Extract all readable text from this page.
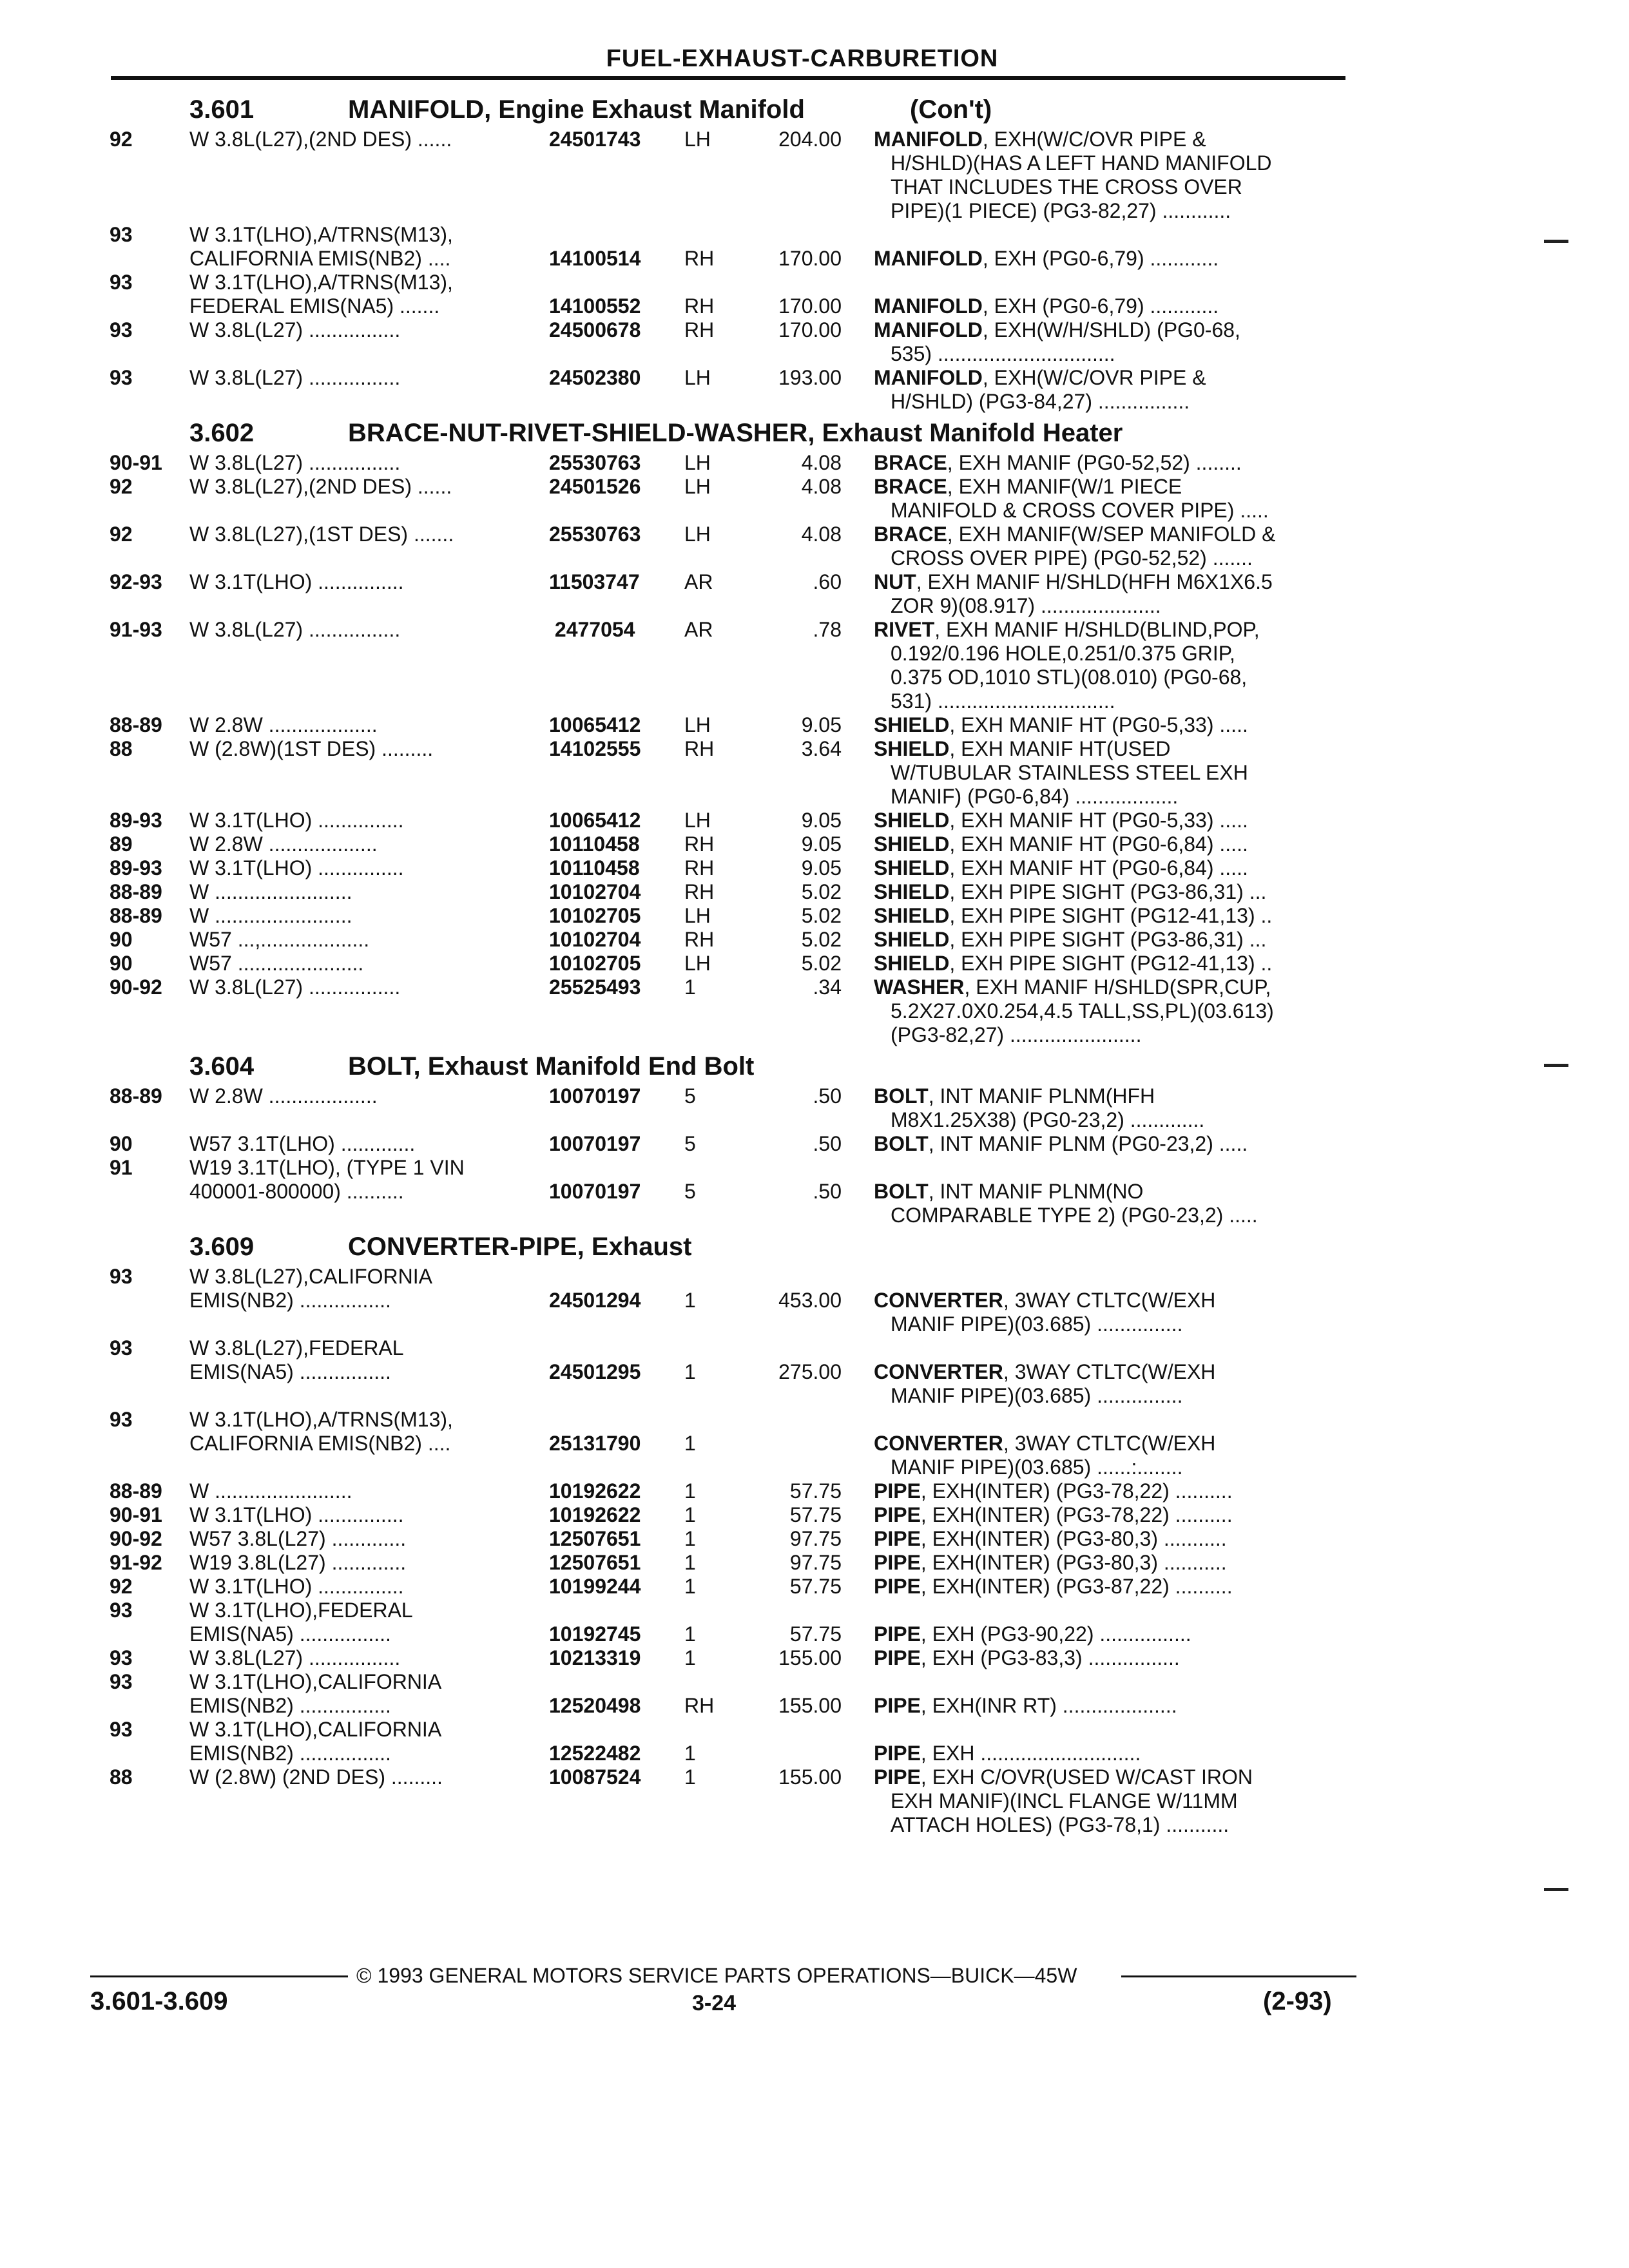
FUEL-EXHAUST-CARBURETION
3.601	MANIFOLD, Engine Exhaust Manifold	(Con't)
92	W 3.8L(L27),(2ND DES) ......	24501743 LH	204.00 MANIFOLD, EXH(W/C/OVR PIPE &
H/SHLD)(HAS A LEFT HAND MANIFOLD
THAT INCLUDES THE CROSS OVER
PIPE)(1 PIECE) (PG3-82,27) ............
93	W 3.1T(LHO),A/TRNS(M13),
CALIFORNIA EMIS(NB2) ....	14100514 RH	170.00 MANIFOLD, EXH (PG0-6,79) ............
93	W 3.1T(LHO),A/TRNS(M13),
FEDERAL EMIS(NA5) .......	14100552 RH	170.00 MANIFOLD, EXH (PG0-6,79) ............
93	W 3.8L(L27) ................	24500678 RH	170.00 MANIFOLD, EXH(W/H/SHLD) (PG0-68,
535) ...............................
93	W 3.8L(L27) ................	24502380 LH	193.00 MANIFOLD, EXH(W/C/OVR PIPE &
H/SHLD) (PG3-84,27) ................
3.602	BRACE-NUT-RIVET-SHIELD-WASHER, Exhaust Manifold Heater
90-91 W 3.8L(L27) ................	25530763 LH	4.08 BRACE, EXH MANIF (PG0-52,52) ........
92	W 3.8L(L27),(2ND DES) ......	24501526 LH	4.08 BRACE, EXH MANIF(W/1 PIECE
MANIFOLD & CROSS COVER PIPE) .....
92	W 3.8L(L27),(1ST DES) .......	25530763 LH	4.08 BRACE, EXH MANIF(W/SEP MANIFOLD &
CROSS OVER PIPE) (PG0-52,52) .......
92-93 W 3.1T(LHO) ...............	11503747 AR	.60 NUT, EXH MANIF H/SHLD(HFH M6X1X6.5
ZOR 9)(08.917) .....................
91-93 W 3.8L(L27) ................	2477054 AR	.78 RIVET, EXH MANIF H/SHLD(BLIND,POP,
0.192/0.196 HOLE,0.251/0.375 GRIP,
0.375 OD,1010 STL)(08.010) (PG0-68,
531) ...............................
88-89 W 2.8W ...................	10065412 LH	9.05 SHIELD, EXH MANIF HT (PG0-5,33) .....
88	W (2.8W)(1ST DES) .........	14102555 RH	3.64 SHIELD, EXH MANIF HT(USED
W/TUBULAR STAINLESS STEEL EXH
MANIF) (PG0-6,84) ..................
89-93 W 3.1T(LHO) ...............	10065412 LH	9.05 SHIELD, EXH MANIF HT (PG0-5,33) .....
89	W 2.8W ...................	10110458 RH	9.05 SHIELD, EXH MANIF HT (PG0-6,84) .....
89-93 W 3.1T(LHO) ...............	10110458 RH	9.05 SHIELD, EXH MANIF HT (PG0-6,84) .....
88-89 W ........................	10102704 RH	5.02 SHIELD, EXH PIPE SIGHT (PG3-86,31) ...
88-89 W ........................	10102705 LH	5.02 SHIELD, EXH PIPE SIGHT (PG12-41,13) ..
90	W57 ...,...................	10102704 RH	5.02 SHIELD, EXH PIPE SIGHT (PG3-86,31) ...
90	W57 ......................	10102705 LH	5.02 SHIELD, EXH PIPE SIGHT (PG12-41,13) ..
90-92 W 3.8L(L27) ................	25525493 1	.34 WASHER, EXH MANIF H/SHLD(SPR,CUP,
5.2X27.0X0.254,4.5 TALL,SS,PL)(03.613)
(PG3-82,27) .......................
3.604	BOLT, Exhaust Manifold End Bolt
88-89 W 2.8W ...................	10070197 5	.50 BOLT, INT MANIF PLNM(HFH
M8X1.25X38) (PG0-23,2) .............
90	W57 3.1T(LHO) .............	10070197 5	.50 BOLT, INT MANIF PLNM (PG0-23,2) .....
91	W19 3.1T(LHO), (TYPE 1 VIN
400001-800000) ..........	10070197 5	.50 BOLT, INT MANIF PLNM(NO
COMPARABLE TYPE 2) (PG0-23,2) .....
3.609	CONVERTER-PIPE, Exhaust
93	W 3.8L(L27),CALIFORNIA
EMIS(NB2) ................	24501294 1	453.00 CONVERTER, 3WAY CTLTC(W/EXH
MANIF PIPE)(03.685) ...............
93	W 3.8L(L27),FEDERAL
EMIS(NA5) ................	24501295 1	275.00 CONVERTER, 3WAY CTLTC(W/EXH
MANIF PIPE)(03.685) ...............
93	W 3.1T(LHO),A/TRNS(M13),
CALIFORNIA EMIS(NB2) ....	25131790 1	CONVERTER, 3WAY CTLTC(W/EXH
MANIF PIPE)(03.685) ......:........
88-89 W ........................	10192622 1	57.75 PIPE, EXH(INTER) (PG3-78,22) ..........
90-91 W 3.1T(LHO) ...............	10192622 1	57.75 PIPE, EXH(INTER) (PG3-78,22) ..........
90-92 W57 3.8L(L27) .............	12507651 1	97.75 PIPE, EXH(INTER) (PG3-80,3) ...........
91-92 W19 3.8L(L27) .............	12507651 1	97.75 PIPE, EXH(INTER) (PG3-80,3) ...........
92	W 3.1T(LHO) ...............	10199244 1	57.75 PIPE, EXH(INTER) (PG3-87,22) ..........
93	W 3.1T(LHO),FEDERAL
EMIS(NA5) ................	10192745 1	57.75 PIPE, EXH (PG3-90,22) ................
93	W 3.8L(L27) ................	10213319 1	155.00 PIPE, EXH (PG3-83,3) ................
93	W 3.1T(LHO),CALIFORNIA
EMIS(NB2) ................	12520498 RH	155.00 PIPE, EXH(INR RT) ....................
93	W 3.1T(LHO),CALIFORNIA
EMIS(NB2) ................	12522482 1	PIPE, EXH ............................
88	W (2.8W) (2ND DES) .........	10087524 1	155.00 PIPE, EXH C/OVR(USED W/CAST IRON
EXH MANIF)(INCL FLANGE W/11MM
ATTACH HOLES) (PG3-78,1) ...........
© 1993 GENERAL MOTORS SERVICE PARTS OPERATIONS—BUICK—45W
3.601-3.609	3-24	(2-93)
